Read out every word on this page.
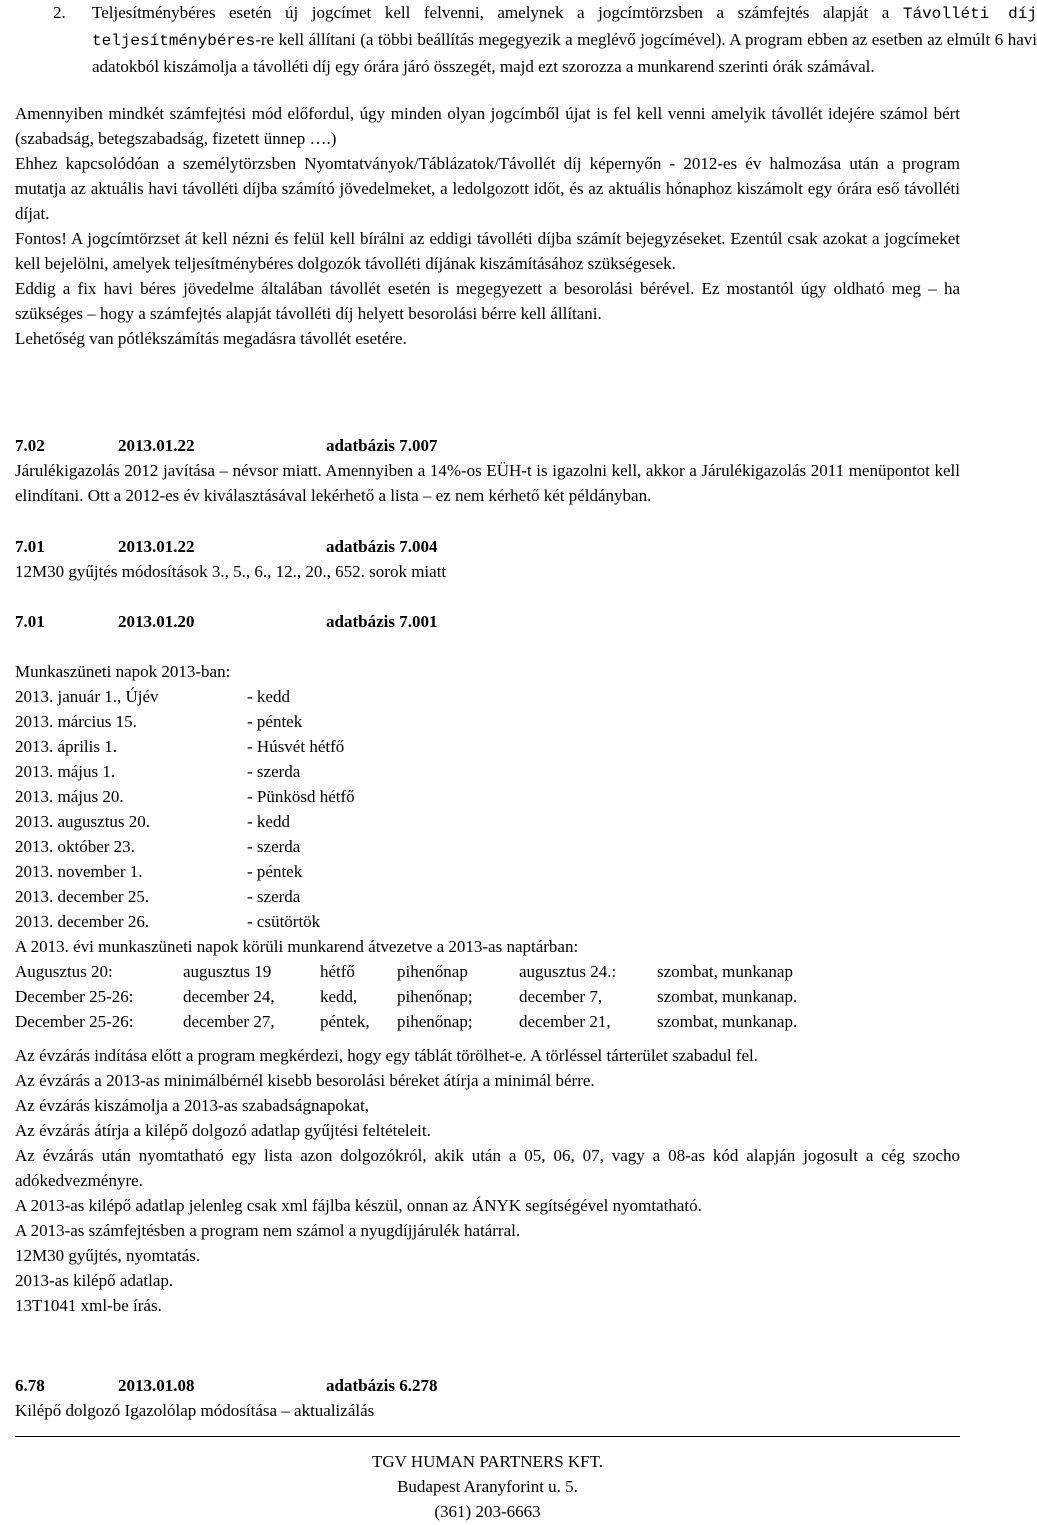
2. Teljesítménybéres esetén új jogcímet kell felvenni, amelynek a jogcímtörzsben a számfejtés alapját a Távolléti díj teljesítménybéres-re kell állítani (a többi beállítás megegyezik a meglévő jogcímével). A program ebben az esetben az elmúlt 6 havi adatokból kiszámolja a távolléti díj egy órára járó összegét, majd ezt szorozza a munkarend szerinti órák számával.

Amennyiben mindkét számfejtési mód előfordul, úgy minden olyan jogcímből újat is fel kell venni amelyik távollét idejére számol bért (szabadság, betegszabadság, fizetett ünnep ….)

Ehhez kapcsolódóan a személytörzsben Nyomtatványok/Táblázatok/Távollét díj képernyőn - 2012-es év halmozása után a program mutatja az aktuális havi távolléti díjba számító jövedelmeket, a ledolgozott időt, és az aktuális hónaphoz kiszámolt egy órára eső távolléti díjat.

Fontos! A jogcímtörzset át kell nézni és felül kell bírálni az eddigi távolléti díjba számít bejegyzéseket. Ezentúl csak azokat a jogcímeket kell bejelölni, amelyek teljesítménybéres dolgozók távolléti díjának kiszámításához szükségesek.

Eddig a fix havi béres jövedelme általában távollét esetén is megegyezett a besorolási bérével. Ez mostantól úgy oldható meg – ha szükséges – hogy a számfejtés alapját távolléti díj helyett besorolási bérre kell állítani.

Lehetőség van pótlékszámítás megadásra távollét esetére.

7.02	2013.01.22	adatbázis 7.007

Járulékigazolás 2012 javítása – névsor miatt. Amennyiben a 14%-os EÜH-t is igazolni kell, akkor a Járulékigazolás 2011 menüpontot kell elindítani. Ott a 2012-es év kiválasztásával lekérhető a lista – ez nem kérhető két példányban.

7.01	2013.01.22	adatbázis 7.004

12M30 gyűjtés módosítások 3., 5., 6., 12., 20., 652. sorok miatt

7.01	2013.01.20	adatbázis 7.001

Munkaszüneti napok 2013-ban:

2013. január 1., Újév	- kedd
2013. március 15.	- péntek
2013. április 1.	- Húsvét hétfő
2013. május 1.	- szerda
2013. május 20.	- Pünkösd hétfő
2013. augusztus 20.	- kedd
2013. október 23.	- szerda
2013. november 1.	- péntek
2013. december 25.	- szerda
2013. december 26.	- csütörtök

A 2013. évi munkaszüneti napok körüli munkarend átvezetve a 2013-as naptárban:

Augusztus 20:	augusztus 19	hétfő	pihenőnap	augusztus 24.:	szombat, munkanap
December 25-26:	december 24,	kedd,	pihenőnap;	december 7,	szombat, munkanap.
December 25-26:	december 27,	péntek,	pihenőnap;	december 21,	szombat, munkanap.

Az évzárás indítása előtt a program megkérdezi, hogy egy táblát törölhet-e. A törléssel tárterület szabadul fel.

Az évzárás a 2013-as minimálbérnél kisebb besorolási béreket átírja a minimál bérre.

Az évzárás kiszámolja a 2013-as szabadságnapokat,

Az évzárás átírja a kilépő dolgozó adatlap gyűjtési feltételeit.

Az évzárás után nyomtatható egy lista azon dolgozókról, akik után a 05, 06, 07, vagy a 08-as kód alapján jogosult a cég szocho adókedvezményre.

A 2013-as kilépő adatlap jelenleg csak xml fájlba készül, onnan az ÁNYK segítségével nyomtatható.

A 2013-as számfejtésben a program nem számol a nyugdíjjárulék határral.

12M30 gyűjtés, nyomtatás.

2013-as kilépő adatlap.

13T1041 xml-be írás.

6.78	2013.01.08	adatbázis 6.278

Kilépő dolgozó Igazolólap módosítása – aktualizálás

TGV HUMAN PARTNERS KFT.
Budapest Aranyforint u. 5.
(361) 203-6663
